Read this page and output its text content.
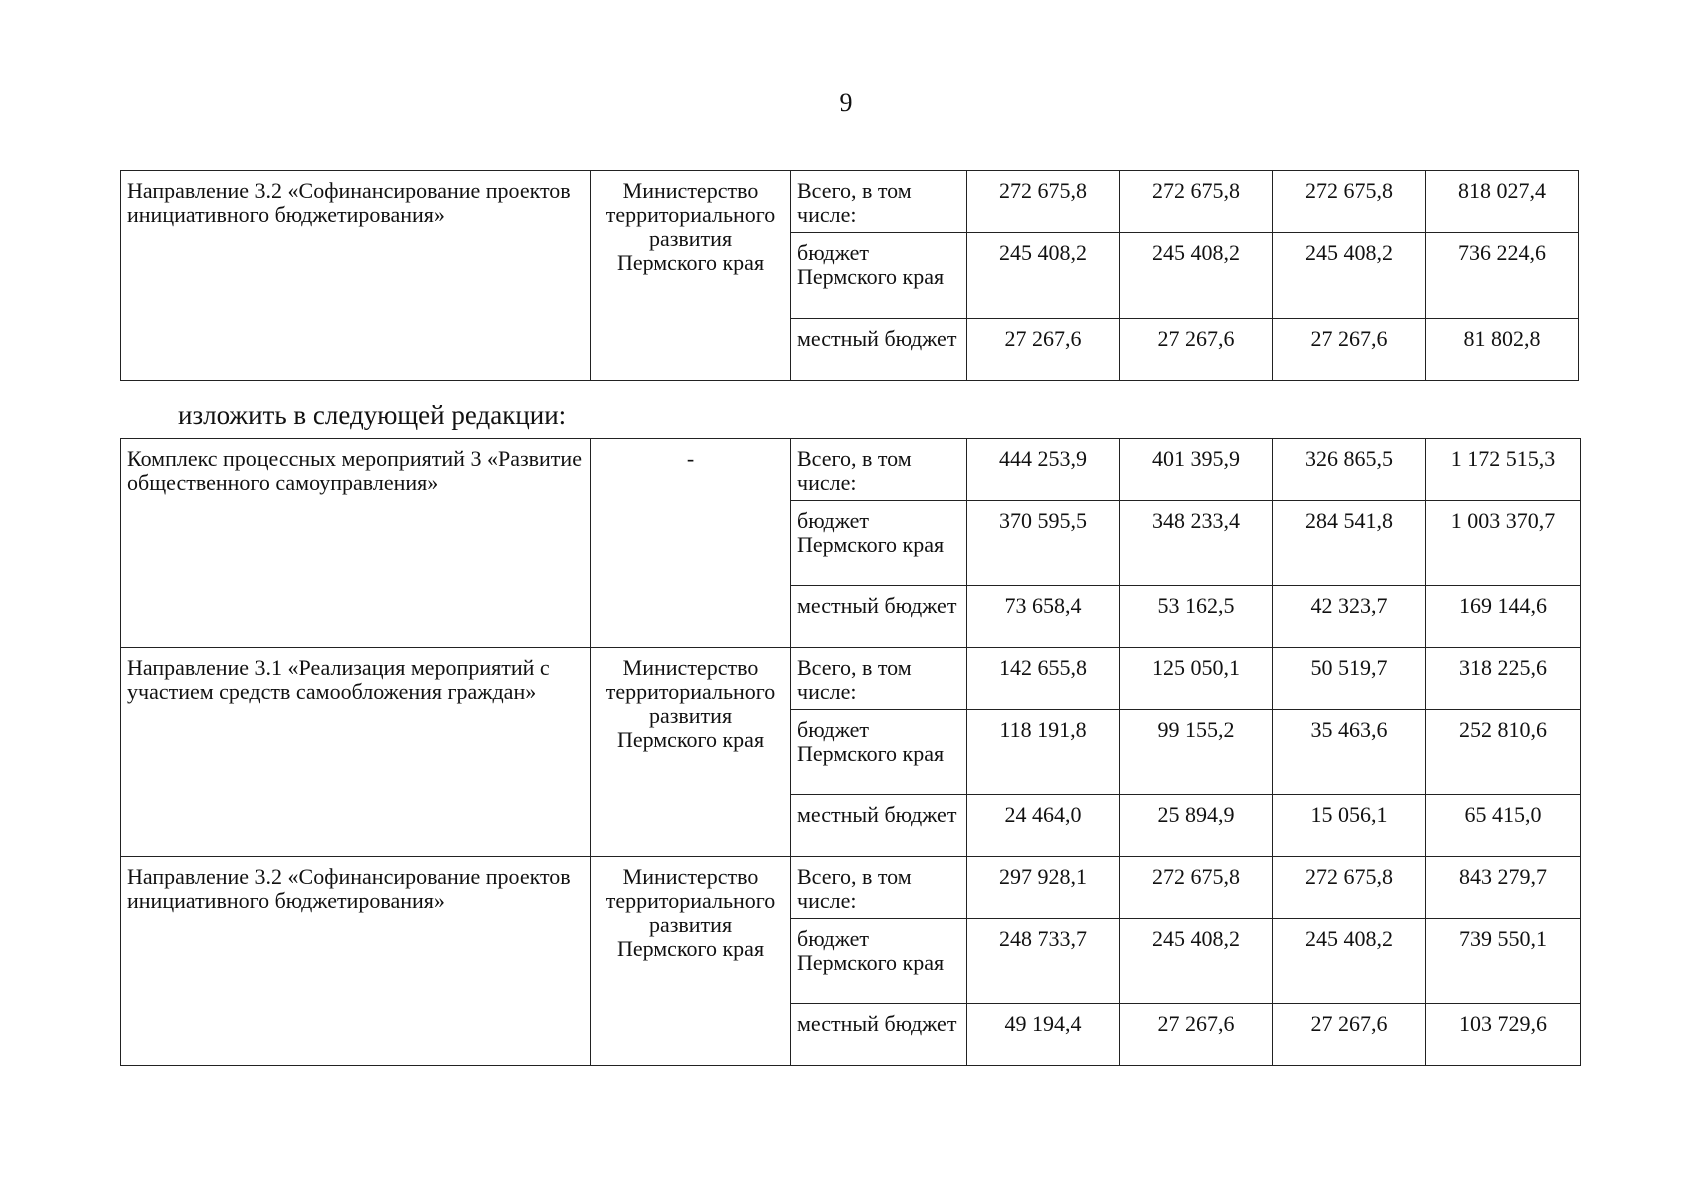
9
Направление 3.2 «Софинансирование проектов инициативного бюджетирования»	Министерство территориального развития Пермского края	Всего, в том числе:	272 675,8	272 675,8	272 675,8	818 027,4
		бюджет Пермского края	245 408,2	245 408,2	245 408,2	736 224,6
		местный бюджет	27 267,6	27 267,6	27 267,6	81 802,8
изложить в следующей редакции:
Комплекс процессных мероприятий 3 «Развитие общественного самоуправления»	-	Всего, в том числе:	444 253,9	401 395,9	326 865,5	1 172 515,3
		бюджет Пермского края	370 595,5	348 233,4	284 541,8	1 003 370,7
		местный бюджет	73 658,4	53 162,5	42 323,7	169 144,6
Направление 3.1 «Реализация мероприятий с участием средств самообложения граждан»	Министерство территориального развития Пермского края	Всего, в том числе:	142 655,8	125 050,1	50 519,7	318 225,6
		бюджет Пермского края	118 191,8	99 155,2	35 463,6	252 810,6
		местный бюджет	24 464,0	25 894,9	15 056,1	65 415,0
Направление 3.2 «Софинансирование проектов инициативного бюджетирования»	Министерство территориального развития Пермского края	Всего, в том числе:	297 928,1	272 675,8	272 675,8	843 279,7
		бюджет Пермского края	248 733,7	245 408,2	245 408,2	739 550,1
		местный бюджет	49 194,4	27 267,6	27 267,6	103 729,6
